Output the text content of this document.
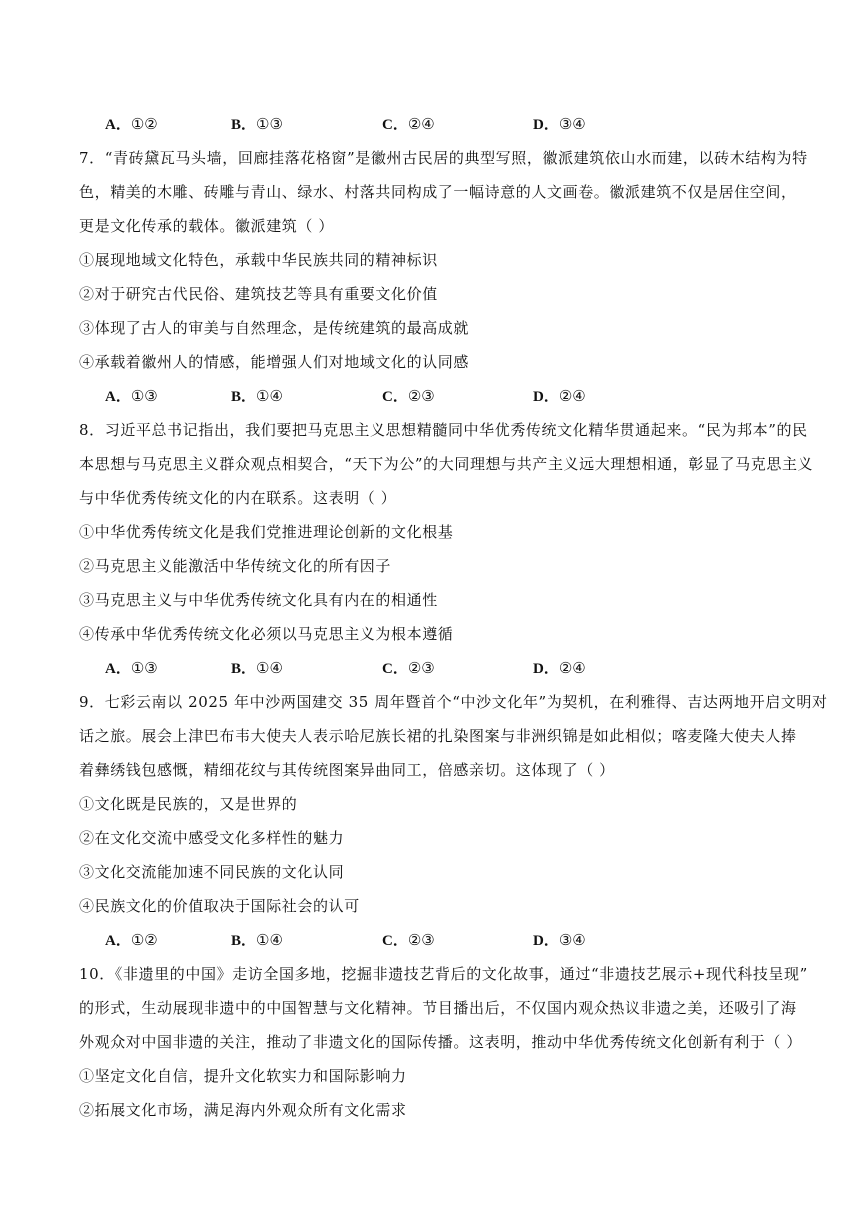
A．①②	B．①③	C．②④	D．③④
7．“青砖黛瓦马头墙，回廊挂落花格窗”是徽州古民居的典型写照，徽派建筑依山水而建，以砖木结构为特
色，精美的木雕、砖雕与青山、绿水、村落共同构成了一幅诗意的人文画卷。徽派建筑不仅是居住空间，
更是文化传承的载体。徽派建筑（ ）
①展现地域文化特色，承载中华民族共同的精神标识
②对于研究古代民俗、建筑技艺等具有重要文化价值
③体现了古人的审美与自然理念，是传统建筑的最高成就
④承载着徽州人的情感，能增强人们对地域文化的认同感
A．①③	B．①④	C．②③	D．②④
8．习近平总书记指出，我们要把马克思主义思想精髓同中华优秀传统文化精华贯通起来。“民为邦本”的民
本思想与马克思主义群众观点相契合，“天下为公”的大同理想与共产主义远大理想相通，彰显了马克思主义
与中华优秀传统文化的内在联系。这表明（ ）
①中华优秀传统文化是我们党推进理论创新的文化根基
②马克思主义能激活中华传统文化的所有因子
③马克思主义与中华优秀传统文化具有内在的相通性
④传承中华优秀传统文化必须以马克思主义为根本遵循
A．①③	B．①④	C．②③	D．②④
9．七彩云南以 2025 年中沙两国建交 35 周年暨首个“中沙文化年”为契机，在利雅得、吉达两地开启文明对
话之旅。展会上津巴布韦大使夫人表示哈尼族长裙的扎染图案与非洲织锦是如此相似；喀麦隆大使夫人捧
着彝绣钱包感慨，精细花纹与其传统图案异曲同工，倍感亲切。这体现了（ ）
①文化既是民族的，又是世界的
②在文化交流中感受文化多样性的魅力
③文化交流能加速不同民族的文化认同
④民族文化的价值取决于国际社会的认可
A．①②	B．①④	C．②③	D．③④
10．《非遗里的中国》走访全国多地，挖掘非遗技艺背后的文化故事，通过“非遗技艺展示+现代科技呈现”
的形式，生动展现非遗中的中国智慧与文化精神。节目播出后，不仅国内观众热议非遗之美，还吸引了海
外观众对中国非遗的关注，推动了非遗文化的国际传播。这表明，推动中华优秀传统文化创新有利于（ ）
①坚定文化自信，提升文化软实力和国际影响力
②拓展文化市场，满足海内外观众所有文化需求
